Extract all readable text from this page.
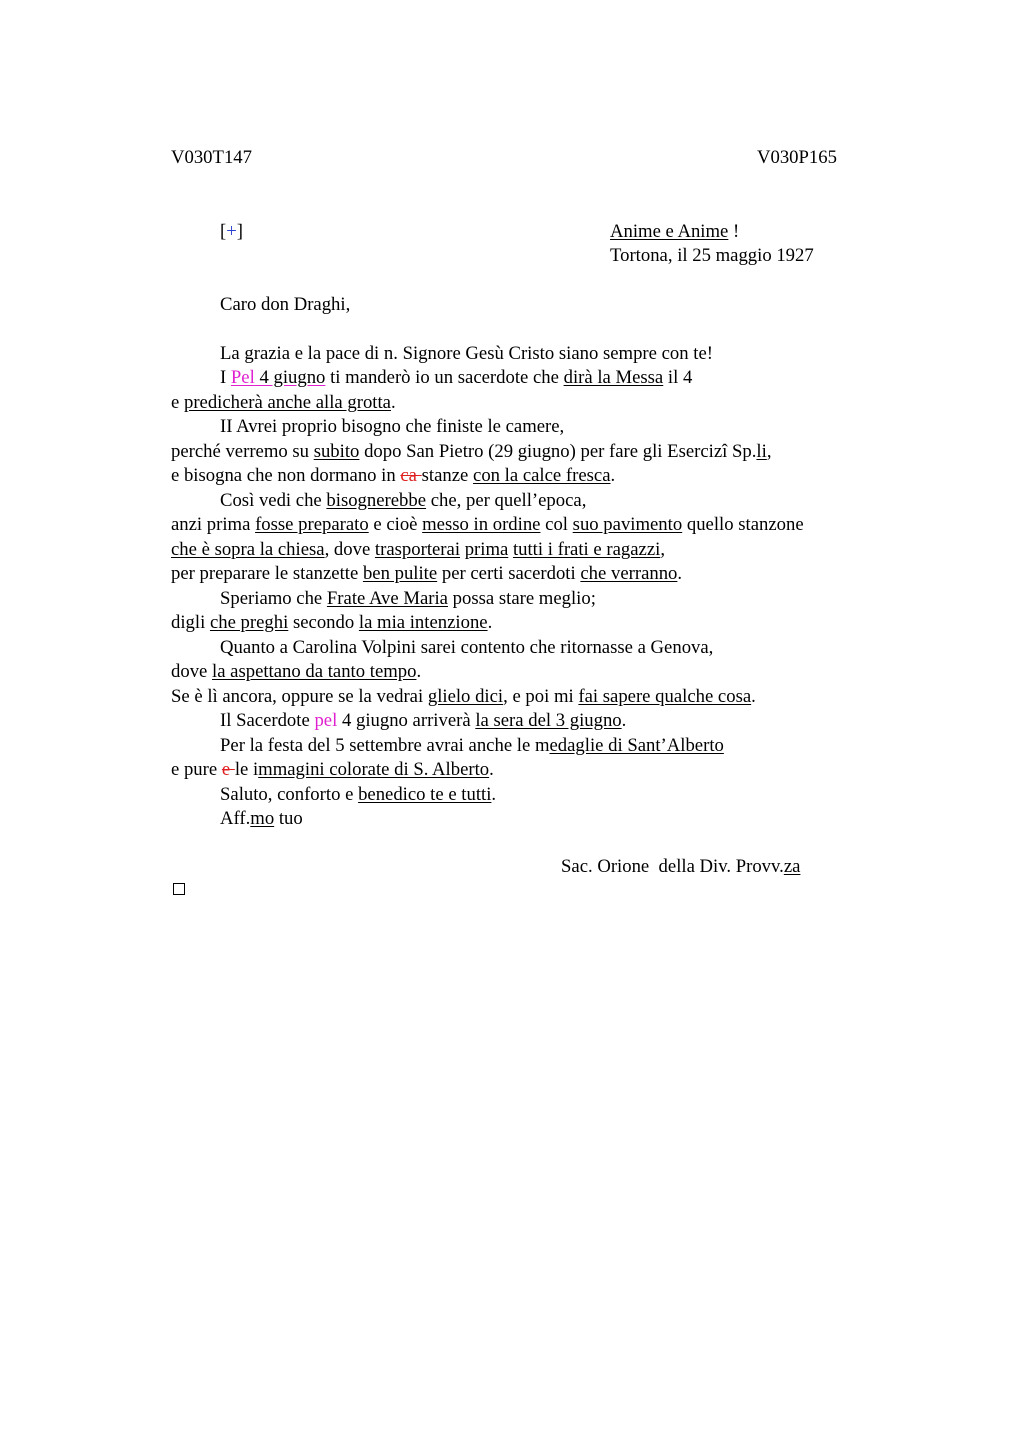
V030T147	V030P165
[+]	Anime e Anime !
Tortona, il 25 maggio 1927
Caro don Draghi,
La grazia e la pace di n. Signore Gesù Cristo siano sempre con te!
I Pel 4 giugno ti manderò io un sacerdote che dirà la Messa il 4
e predicherà anche alla grotta.
II Avrei proprio bisogno che finiste le camere,
perché verremo su subito dopo San Pietro (29 giugno) per fare gli Esercizî Sp.li,
e bisogna che non dormano in ca stanze con la calce fresca.
Così vedi che bisognerebbe che, per quell’epoca,
anzi prima fosse preparato e cioè messo in ordine col suo pavimento quello stanzone
che è sopra la chiesa, dove trasporterai prima tutti i frati e ragazzi,
per preparare le stanzette ben pulite per certi sacerdoti che verranno.
Speriamo che Frate Ave Maria possa stare meglio;
digli che preghi secondo la mia intenzione.
Quanto a Carolina Volpini sarei contento che ritornasse a Genova,
dove la aspettano da tanto tempo.
Se è lì ancora, oppure se la vedrai glielo dici, e poi mi fai sapere qualche cosa.
Il Sacerdote pel 4 giugno arriverà la sera del 3 giugno.
Per la festa del 5 settembre avrai anche le medaglie di Sant’Alberto
e pure e le immagini colorate di S. Alberto.
Saluto, conforto e benedico te e tutti.
Aff.mo tuo
Sac. Orione  della Div. Provv.za
